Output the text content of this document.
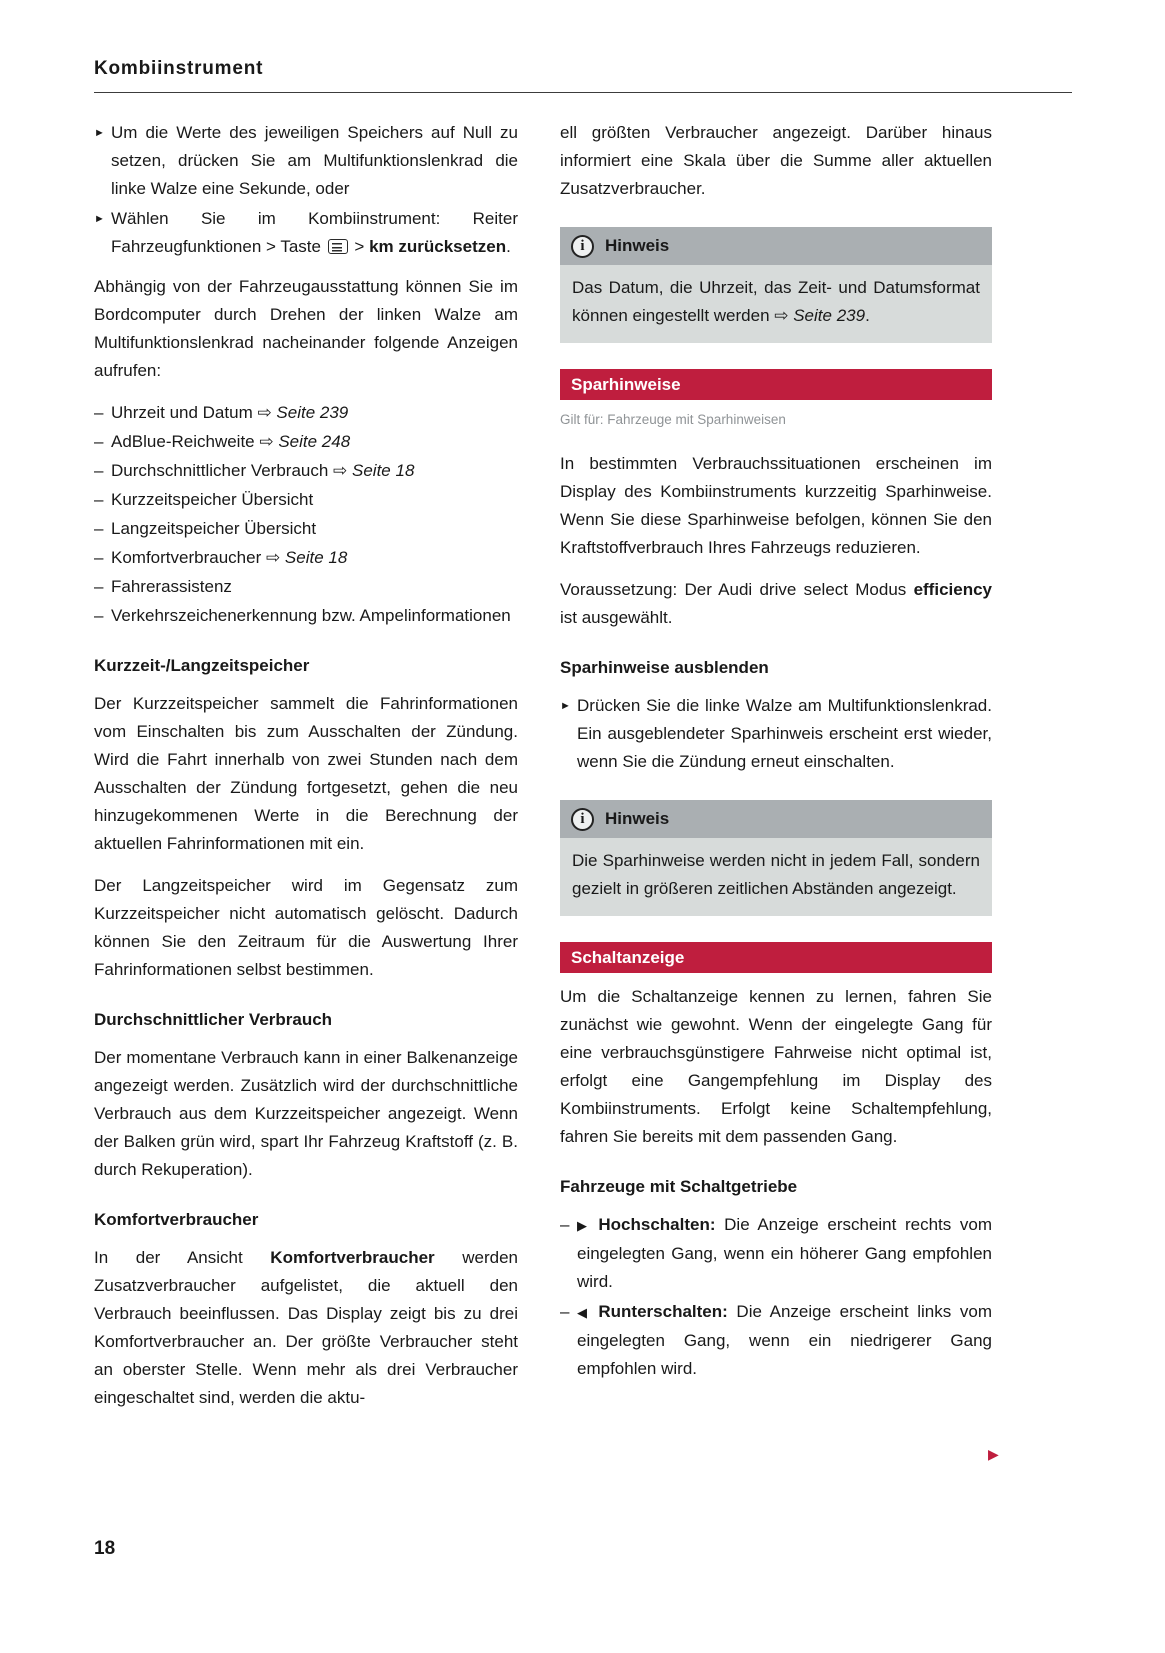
Kombiinstrument
► Um die Werte des jeweiligen Speichers auf Null zu setzen, drücken Sie am Multifunktionslenkrad die linke Walze eine Sekunde, oder
► Wählen Sie im Kombiinstrument: Reiter Fahrzeugfunktionen > Taste  > km zurücksetzen.

Abhängig von der Fahrzeugausstattung können Sie im Bordcomputer durch Drehen der linken Walze am Multifunktionslenkrad nacheinander folgende Anzeigen aufrufen:

– Uhrzeit und Datum ⇨ Seite 239
– AdBlue-Reichweite ⇨ Seite 248
– Durchschnittlicher Verbrauch ⇨ Seite 18
– Kurzzeitspeicher Übersicht
– Langzeitspeicher Übersicht
– Komfortverbraucher ⇨ Seite 18
– Fahrerassistenz
– Verkehrszeichenerkennung bzw. Ampelinformationen
Kurzzeit-/Langzeitspeicher

Der Kurzzeitspeicher sammelt die Fahrinformationen vom Einschalten bis zum Ausschalten der Zündung. Wird die Fahrt innerhalb von zwei Stunden nach dem Ausschalten der Zündung fortgesetzt, gehen die neu hinzugekommenen Werte in die Berechnung der aktuellen Fahrinformationen mit ein.

Der Langzeitspeicher wird im Gegensatz zum Kurzzeitspeicher nicht automatisch gelöscht. Dadurch können Sie den Zeitraum für die Auswertung Ihrer Fahrinformationen selbst bestimmen.

Durchschnittlicher Verbrauch

Der momentane Verbrauch kann in einer Balkenanzeige angezeigt werden. Zusätzlich wird der durchschnittliche Verbrauch aus dem Kurzzeitspeicher angezeigt. Wenn der Balken grün wird, spart Ihr Fahrzeug Kraftstoff (z. B. durch Rekuperation).

Komfortverbraucher

In der Ansicht Komfortverbraucher werden Zusatzverbraucher aufgelistet, die aktuell den Verbrauch beeinflussen. Das Display zeigt bis zu drei Komfortverbraucher an. Der größte Verbraucher steht an oberster Stelle. Wenn mehr als drei Verbraucher eingeschaltet sind, werden die aktu-

ell größten Verbraucher angezeigt. Darüber hinaus informiert eine Skala über die Summe aller aktuellen Zusatzverbraucher.

i	Hinweis
Das Datum, die Uhrzeit, das Zeit- und Datumsformat können eingestellt werden ⇨ Seite 239.
Sparhinweise
Gilt für: Fahrzeuge mit Sparhinweisen

In bestimmten Verbrauchssituationen erscheinen im Display des Kombiinstruments kurzzeitig Sparhinweise. Wenn Sie diese Sparhinweise befolgen, können Sie den Kraftstoffverbrauch Ihres Fahrzeugs reduzieren.

Voraussetzung: Der Audi drive select Modus efficiency ist ausgewählt.

Sparhinweise ausblenden
► Drücken Sie die linke Walze am Multifunktionslenkrad. Ein ausgeblendeter Sparhinweis erscheint erst wieder, wenn Sie die Zündung erneut einschalten.
i	Hinweis
Die Sparhinweise werden nicht in jedem Fall, sondern gezielt in größeren zeitlichen Abständen angezeigt.
Schaltanzeige

Um die Schaltanzeige kennen zu lernen, fahren Sie zunächst wie gewohnt. Wenn der eingelegte Gang für eine verbrauchsgünstigere Fahrweise nicht optimal ist, erfolgt eine Gangempfehlung im Display des Kombiinstruments. Erfolgt keine Schaltempfehlung, fahren Sie bereits mit dem passenden Gang.

Fahrzeuge mit Schaltgetriebe
– ▶ Hochschalten: Die Anzeige erscheint rechts vom eingelegten Gang, wenn ein höherer Gang empfohlen wird.
– ◀ Runterschalten: Die Anzeige erscheint links vom eingelegten Gang, wenn ein niedrigerer Gang empfohlen wird.
18
▶
